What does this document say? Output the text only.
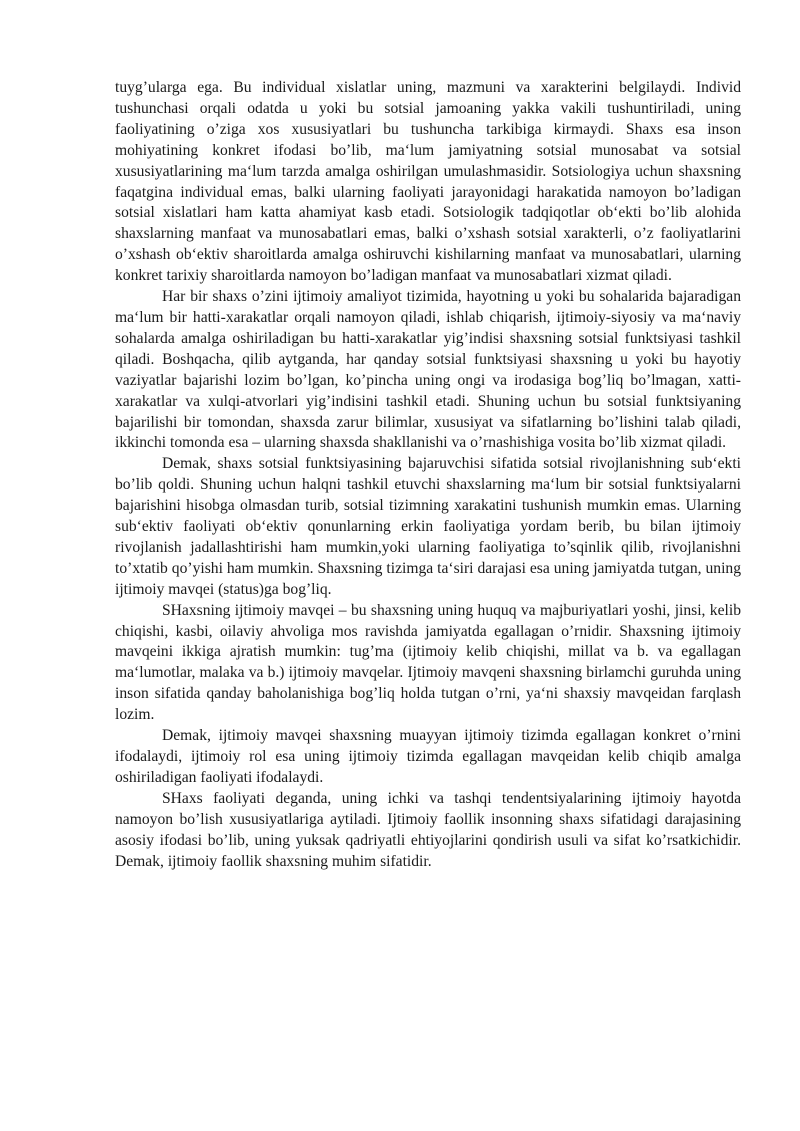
tuyg’ularga ega. Bu individual xislatlar uning, mazmuni va xarakterini belgilaydi. Individ tushunchasi orqali odatda u yoki bu sotsial jamoaning yakka vakili tushuntiriladi, uning faoliyatining o’ziga xos xususiyatlari bu tushuncha tarkibiga kirmaydi. Shaxs esa inson mohiyatining konkret ifodasi bo’lib, ma‘lum jamiyatning sotsial munosabat va sotsial xususiyatlarining ma‘lum tarzda amalga oshirilgan umulashmasidir. Sotsiologiya uchun shaxsning faqatgina individual emas, balki ularning faoliyati jarayonidagi harakatida namoyon bo’ladigan sotsial xislatlari ham katta ahamiyat kasb etadi. Sotsiologik tadqiqotlar ob‘ekti bo’lib alohida shaxslarning manfaat va munosabatlari emas, balki o’xshash sotsial xarakterli, o’z faoliyatlarini o’xshash ob‘ektiv sharoitlarda amalga oshiruvchi kishilarning manfaat va munosabatlari, ularning konkret tarixiy sharoitlarda namoyon bo’ladigan manfaat va munosabatlari xizmat qiladi.

Har bir shaxs o’zini ijtimoiy amaliyot tizimida, hayotning u yoki bu sohalarida bajaradigan ma‘lum bir hatti-xarakatlar orqali namoyon qiladi, ishlab chiqarish, ijtimoiy-siyosiy va ma‘naviy sohalarda amalga oshiriladigan bu hatti-xarakatlar yig’indisi shaxsning sotsial funktsiyasi tashkil qiladi. Boshqacha, qilib aytganda, har qanday sotsial funktsiyasi shaxsning u yoki bu hayotiy vaziyatlar bajarishi lozim bo’lgan, ko’pincha uning ongi va irodasiga bog’liq bo’lmagan, xatti-xarakatlar va xulqi-atvorlari yig’indisini tashkil etadi. Shuning uchun bu sotsial funktsiyaning bajarilishi bir tomondan, shaxsda zarur bilimlar, xususiyat va sifatlarning bo’lishini talab qiladi, ikkinchi tomonda esa – ularning shaxsda shakllanishi va o’rnashishiga vosita bo’lib xizmat qiladi.

Demak, shaxs sotsial funktsiyasining bajaruvchisi sifatida sotsial rivojlanishning sub‘ekti bo’lib qoldi. Shuning uchun halqni tashkil etuvchi shaxslarning ma‘lum bir sotsial funktsiyalarni bajarishini hisobga olmasdan turib, sotsial tizimning xarakatini tushunish mumkin emas. Ularning sub‘ektiv faoliyati ob‘ektiv qonunlarning erkin faoliyatiga yordam berib, bu bilan ijtimoiy rivojlanish jadallashtirishi ham mumkin,yoki ularning faoliyatiga to’sqinlik qilib, rivojlanishni to’xtatib qo’yishi ham mumkin. Shaxsning tizimga ta‘siri darajasi esa uning jamiyatda tutgan, uning ijtimoiy mavqei (status)ga bog’liq.

SHaxsning ijtimoiy mavqei – bu shaxsning uning huquq va majburiyatlari yoshi, jinsi, kelib chiqishi, kasbi, oilaviy ahvoliga mos ravishda jamiyatda egallagan o’rnidir. Shaxsning ijtimoiy mavqeini ikkiga ajratish mumkin: tug’ma (ijtimoiy kelib chiqishi, millat va b. va egallagan ma‘lumotlar, malaka va b.) ijtimoiy mavqelar. Ijtimoiy mavqeni shaxsning birlamchi guruhda uning inson sifatida qanday baholanishiga bog’liq holda tutgan o’rni, ya‘ni shaxsiy mavqeidan farqlash lozim.

Demak, ijtimoiy mavqei shaxsning muayyan ijtimoiy tizimda egallagan konkret o’rnini ifodalaydi, ijtimoiy rol esa uning ijtimoiy tizimda egallagan mavqeidan kelib chiqib amalga oshiriladigan faoliyati ifodalaydi.

SHaxs faoliyati deganda, uning ichki va tashqi tendentsiyalarining ijtimoiy hayotda namoyon bo’lish xususiyatlariga aytiladi. Ijtimoiy faollik insonning shaxs sifatidagi darajasining asosiy ifodasi bo’lib, uning yuksak qadriyatli ehtiyojlarini qondirish usuli va sifat ko’rsatkichidir. Demak, ijtimoiy faollik shaxsning muhim sifatidir.
